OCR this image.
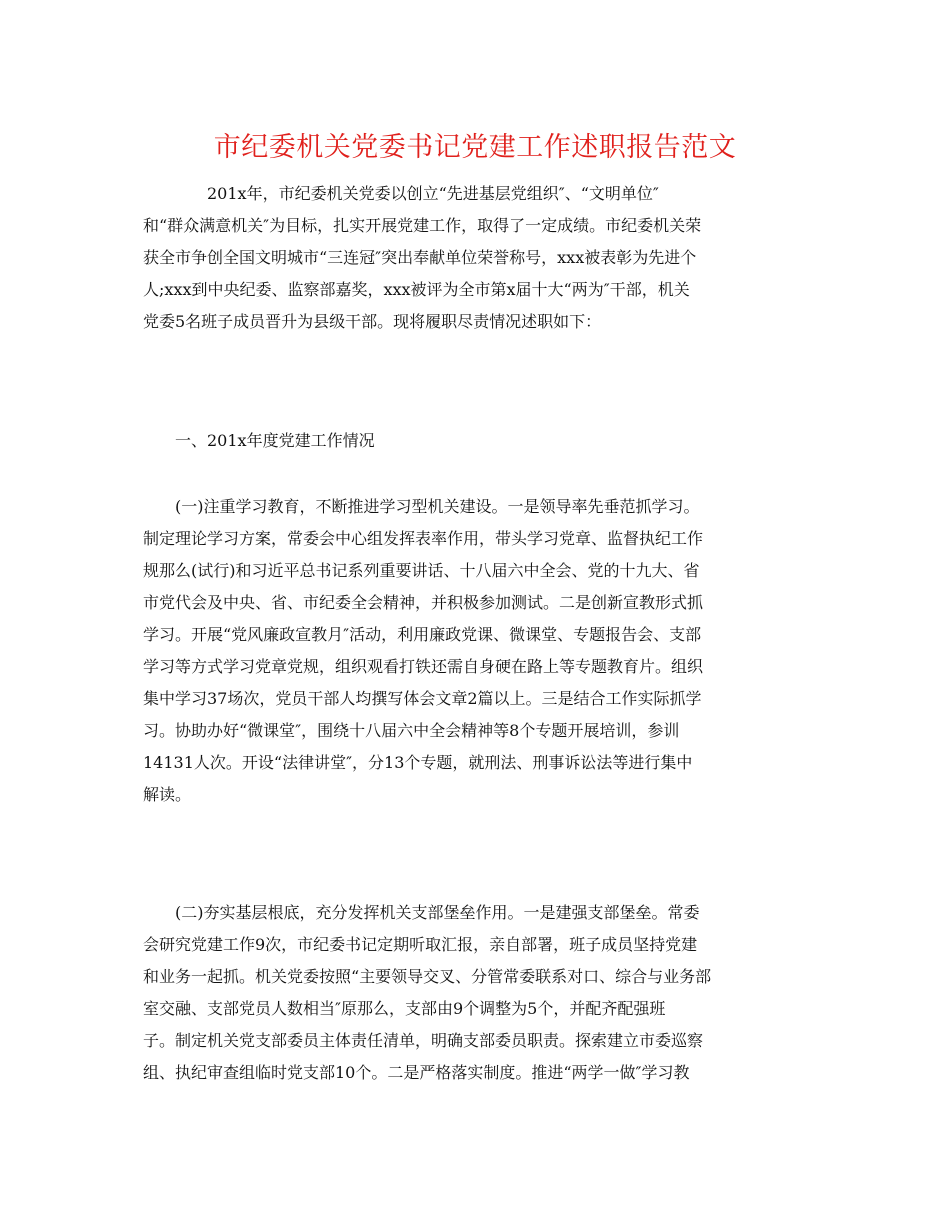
市纪委机关党委书记党建工作述职报告范文
　　　　201x年，市纪委机关党委以创立“先进基层党组织″、“文明单位″
和“群众满意机关″为目标，扎实开展党建工作，取得了一定成绩。市纪委机关荣
获全市争创全国文明城市“三连冠″突出奉献单位荣誉称号，xxx被表彰为先进个
人;xxx到中央纪委、监察部嘉奖，xxx被评为全市第x届十大“两为″干部，机关
党委5名班子成员晋升为县级干部。现将履职尽责情况述职如下：
　　一、201x年度党建工作情况
　　(一)注重学习教育，不断推进学习型机关建设。一是领导率先垂范抓学习。
制定理论学习方案，常委会中心组发挥表率作用，带头学习党章、监督执纪工作
规那么(试行)和习近平总书记系列重要讲话、十八届六中全会、党的十九大、省
市党代会及中央、省、市纪委全会精神，并积极参加测试。二是创新宣教形式抓
学习。开展“党风廉政宣教月″活动，利用廉政党课、微课堂、专题报告会、支部
学习等方式学习党章党规，组织观看打铁还需自身硬在路上等专题教育片。组织
集中学习37场次，党员干部人均撰写体会文章2篇以上。三是结合工作实际抓学
习。协助办好“微课堂″，围绕十八届六中全会精神等8个专题开展培训，参训
14131人次。开设“法律讲堂″，分13个专题，就刑法、刑事诉讼法等进行集中
解读。
　　(二)夯实基层根底，充分发挥机关支部堡垒作用。一是建强支部堡垒。常委
会研究党建工作9次，市纪委书记定期听取汇报，亲自部署，班子成员坚持党建
和业务一起抓。机关党委按照“主要领导交叉、分管常委联系对口、综合与业务部
室交融、支部党员人数相当″原那么，支部由9个调整为5个，并配齐配强班
子。制定机关党支部委员主体责任清单，明确支部委员职责。探索建立市委巡察
组、执纪审查组临时党支部10个。二是严格落实制度。推进“两学一做″学习教
